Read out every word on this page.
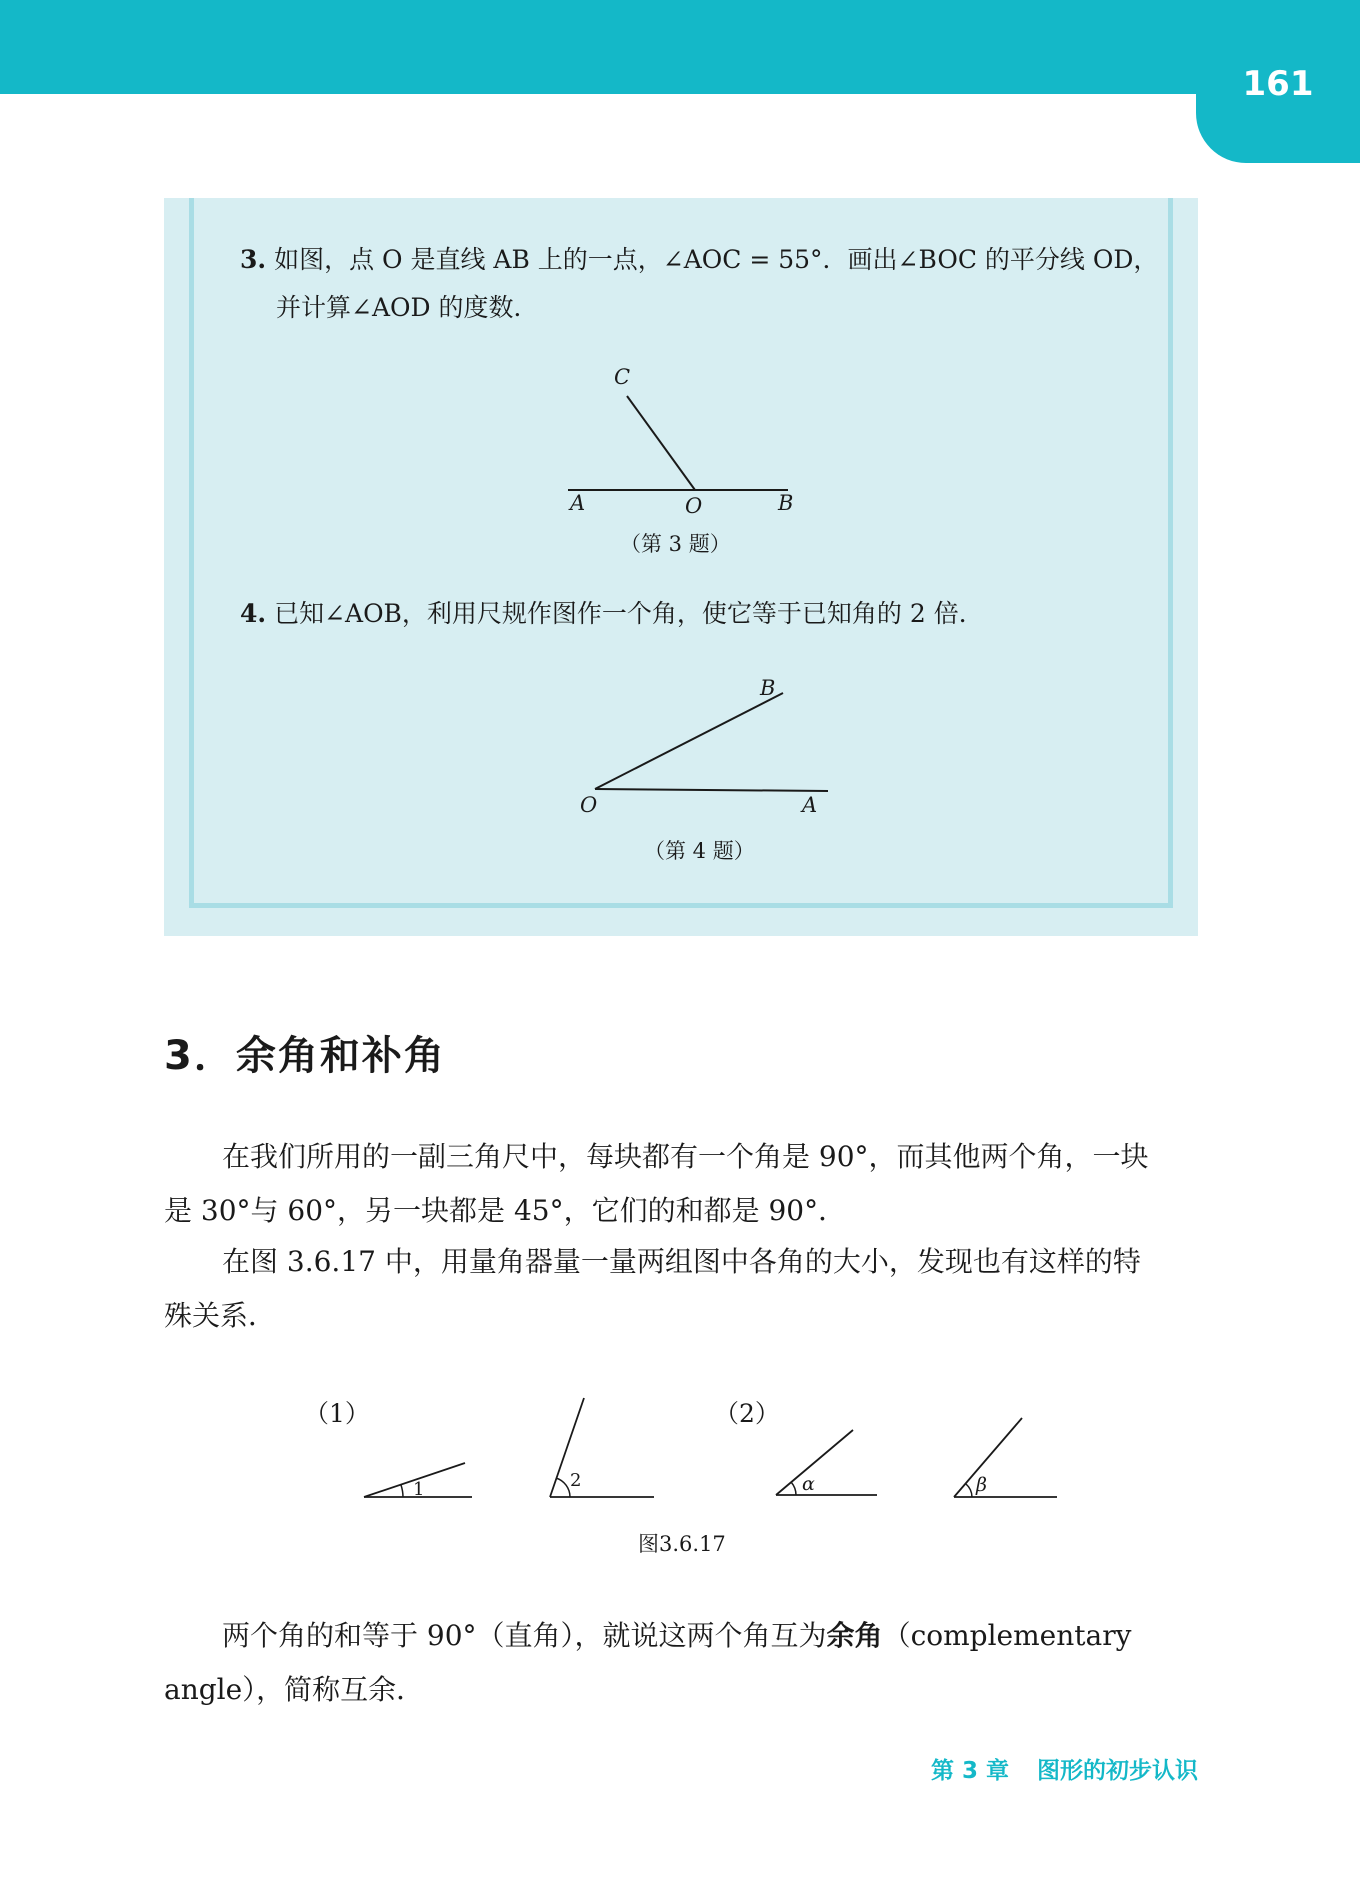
161
3. 如图，点 O 是直线 AB 上的一点，∠AOC = 55°．画出∠BOC 的平分线 OD，
并计算∠AOD 的度数．
（第 3 题）
4. 已知∠AOB，利用尺规作图作一个角，使它等于已知角的 2 倍．
（第 4 题）
C
A	O	B
B
O	A
（1）	（2）
1	2	α	β
图3.6.17
3．余角和补角
在我们所用的一副三角尺中，每块都有一个角是 90°，而其他两个角，一块
是 30°与 60°，另一块都是 45°，它们的和都是 90°．
在图 3.6.17 中，用量角器量一量两组图中各角的大小，发现也有这样的特
殊关系．
两个角的和等于 90°（直角），就说这两个角互为余角（complementary
angle），简称互余．
第 3 章 图形的初步认识
